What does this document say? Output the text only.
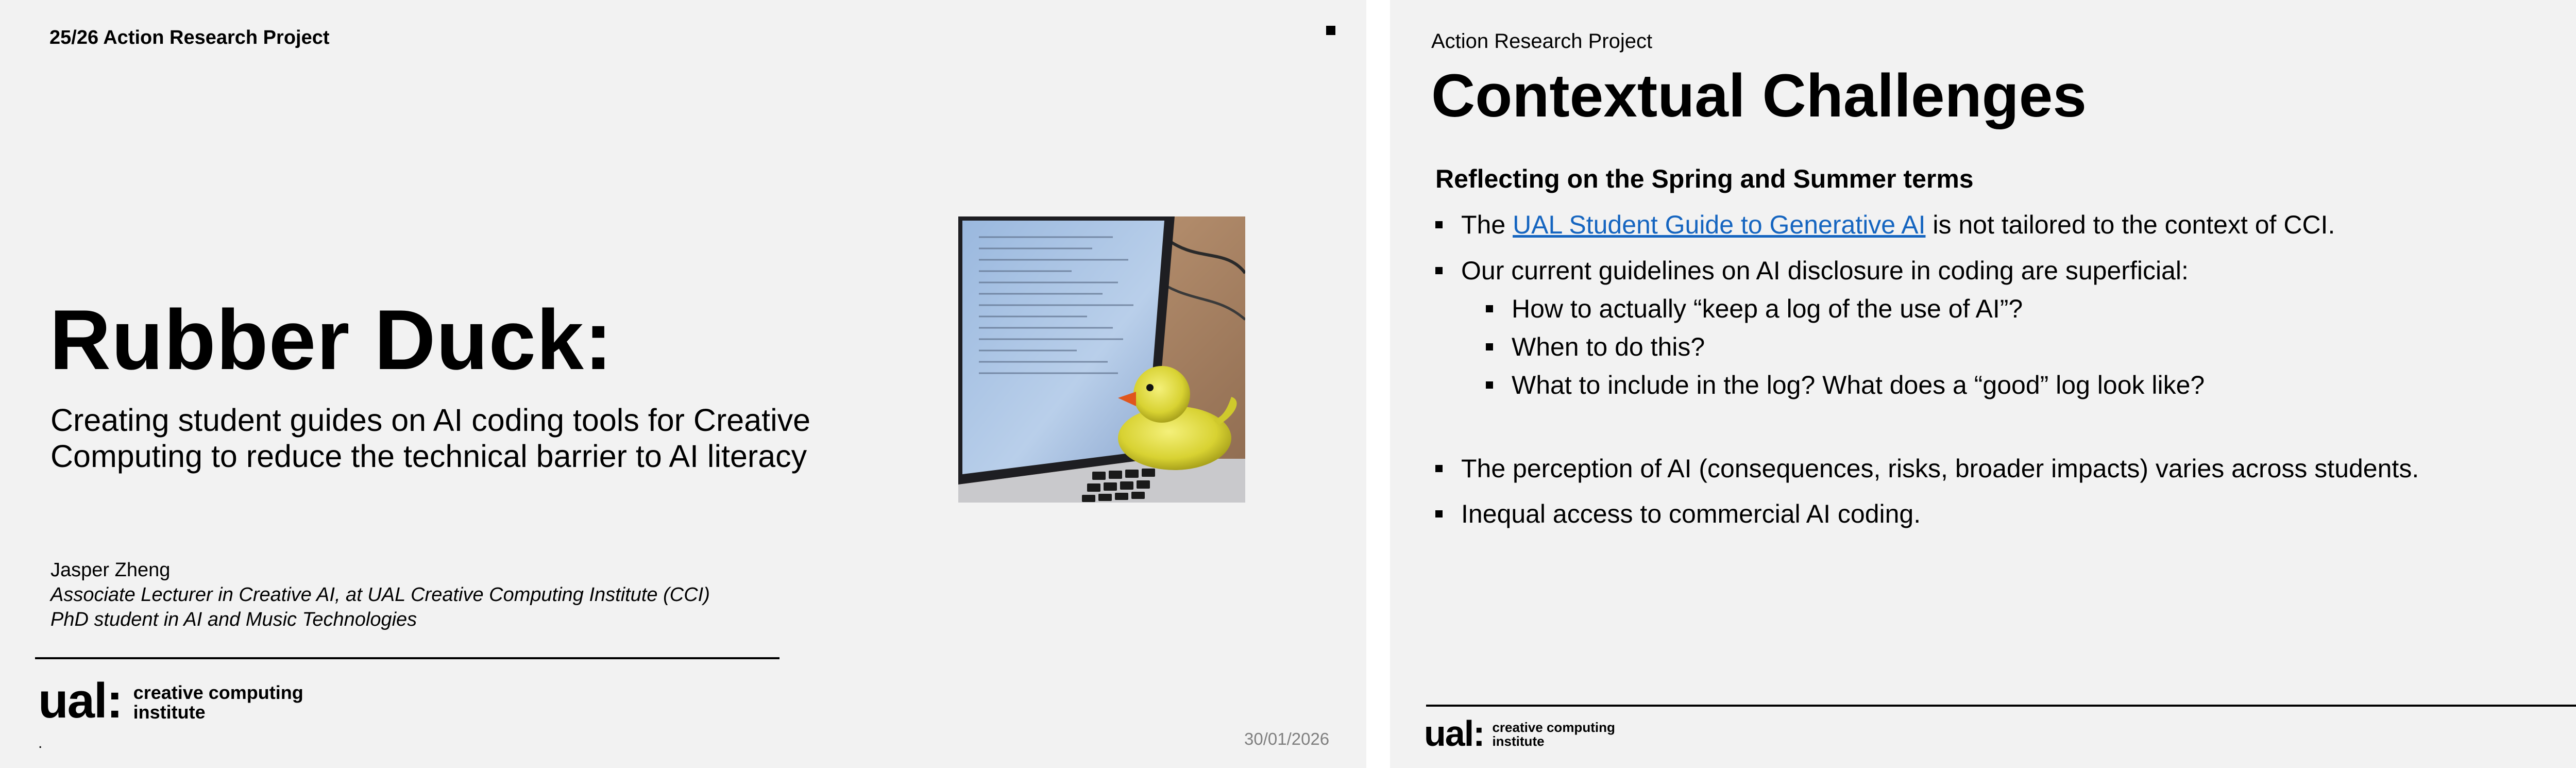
25/26 Action Research Project
Rubber Duck:
Creating student guides on AI coding tools for Creative
Computing to reduce the technical barrier to AI literacy
Jasper Zheng
Associate Lecturer in Creative AI, at UAL Creative Computing Institute (CCI)
PhD student in AI and Music Technologies
ual: creative computing
institute
.	30/01/2026
Action Research Project
Contextual Challenges
Reflecting on the Spring and Summer terms
The UAL Student Guide to Generative AI is not tailored to the context of CCI.
Our current guidelines on AI disclosure in coding are superficial:
How to actually “keep a log of the use of AI”?
When to do this?
What to include in the log? What does a “good” log look like?
The perception of AI (consequences, risks, broader impacts) varies across students.
Inequal access to commercial AI coding.
ual: creative computing
institute
